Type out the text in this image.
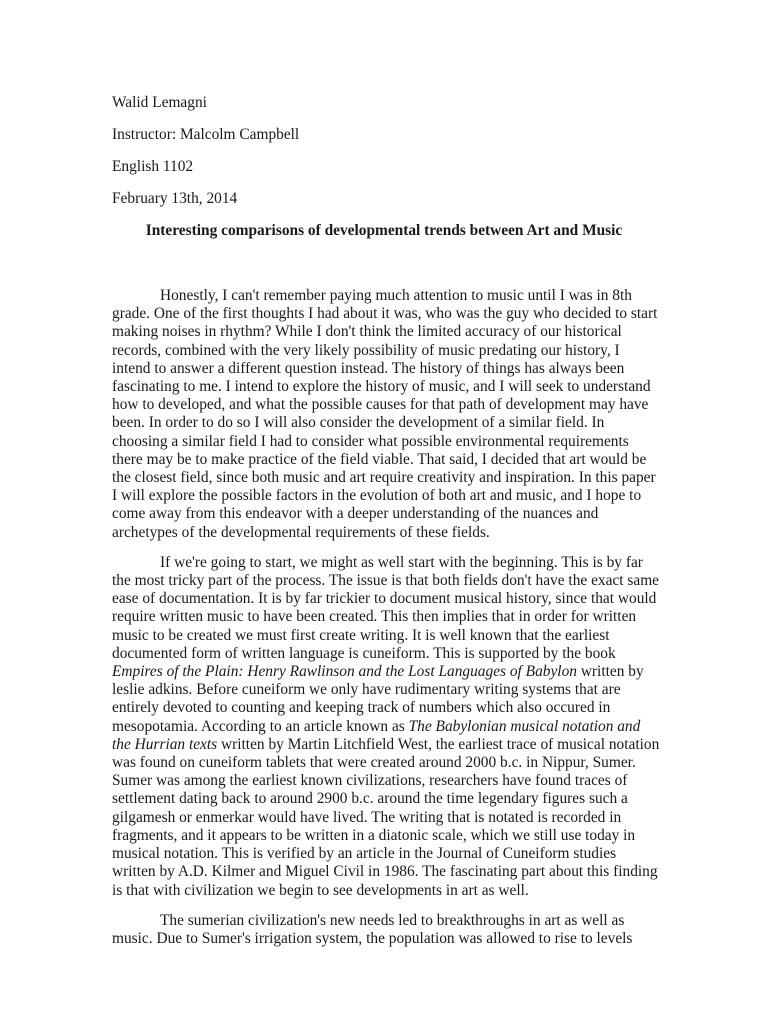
Walid Lemagni
Instructor: Malcolm Campbell
English 1102
February 13th, 2014
Interesting comparisons of developmental trends between Art and Music

Honestly, I can't remember paying much attention to music until I was in 8th grade. One of the first thoughts I had about it was, who was the guy who decided to start making noises in rhythm? While I don't think the limited accuracy of our historical records, combined with the very likely possibility of music predating our history, I intend to answer a different question instead. The history of things has always been fascinating to me. I intend to explore the history of music, and I will seek to understand how to developed, and what the possible causes for that path of development may have been. In order to do so I will also consider the development of a similar field. In choosing a similar field I had to consider what possible environmental requirements there may be to make practice of the field viable. That said, I decided that art would be the closest field, since both music and art require creativity and inspiration. In this paper I will explore the possible factors in the evolution of both art and music, and I hope to come away from this endeavor with a deeper understanding of the nuances and archetypes of the developmental requirements of these fields.

If we're going to start, we might as well start with the beginning. This is by far the most tricky part of the process. The issue is that both fields don't have the exact same ease of documentation. It is by far trickier to document musical history, since that would require written music to have been created. This then implies that in order for written music to be created we must first create writing. It is well known that the earliest documented form of written language is cuneiform. This is supported by the book Empires of the Plain: Henry Rawlinson and the Lost Languages of Babylon written by leslie adkins. Before cuneiform we only have rudimentary writing systems that are entirely devoted to counting and keeping track of numbers which also occured in mesopotamia. According to an article known as The Babylonian musical notation and the Hurrian texts written by Martin Litchfield West, the earliest trace of musical notation was found on cuneiform tablets that were created around 2000 b.c. in Nippur, Sumer. Sumer was among the earliest known civilizations, researchers have found traces of settlement dating back to around 2900 b.c. around the time legendary figures such a gilgamesh or enmerkar would have lived. The writing that is notated is recorded in fragments, and it appears to be written in a diatonic scale, which we still use today in musical notation. This is verified by an article in the Journal of Cuneiform studies written by A.D. Kilmer and Miguel Civil in 1986. The fascinating part about this finding is that with civilization we begin to see developments in art as well.

The sumerian civilization's new needs led to breakthroughs in art as well as music. Due to Sumer's irrigation system, the population was allowed to rise to levels
